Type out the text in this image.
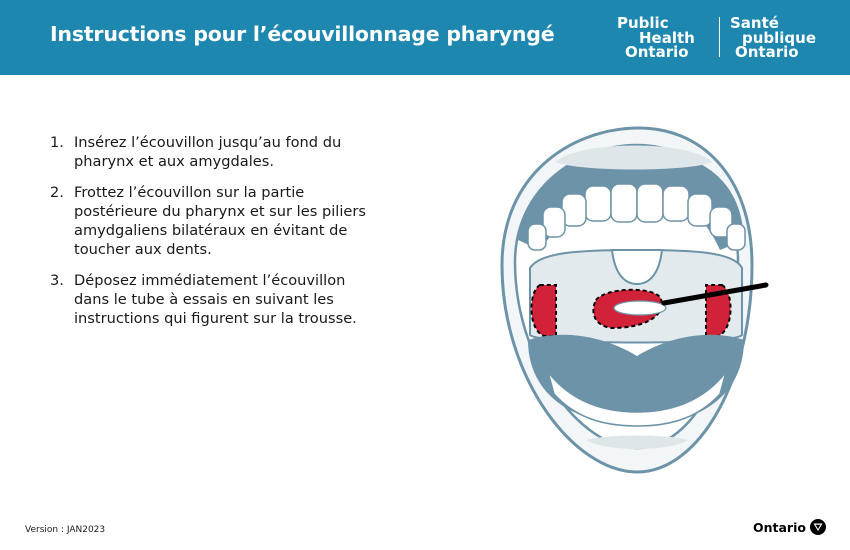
Instructions pour l’écouvillonnage pharyngé	Public
Health
Ontario
Santé
publique
Ontario
1. Insérez l’écouvillon jusqu’au fond du pharynx et aux amygdales.
2. Frottez l’écouvillon sur la partie postérieure du pharynx et sur les piliers amydgaliens bilatéraux en évitant de toucher aux dents.
3. Déposez immédiatement l’écouvillon dans le tube à essais en suivant les instructions qui figurent sur la trousse.
Version : JAN2023	Ontario
